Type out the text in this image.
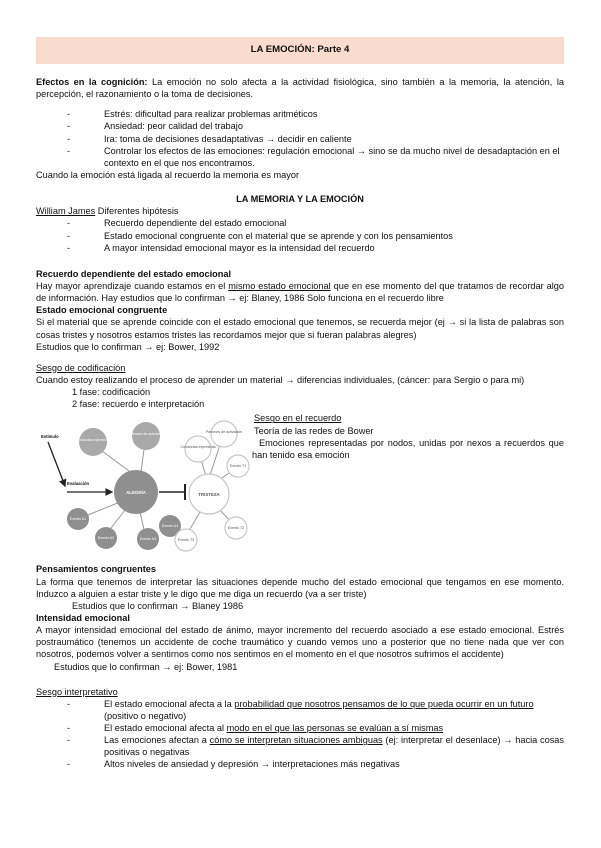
LA EMOCIÓN: Parte 4

Efectos en la cognición: La emoción no solo afecta a la actividad fisiológica, sino también a la memoria, la atención, la percepción, el razonamiento o la toma de decisiones.

- Estrés: dificultad para realizar problemas aritméticos
- Ansiedad: peor calidad del trabajo
- Ira: toma de decisiones desadaptativas → decidir en caliente
- Controlar los efectos de las emociones: regulación emocional → sino se da mucho nivel de desadaptación en el contexto en el que nos encontramos.

Cuando la emoción está ligada al recuerdo la memoria es mayor

LA MEMORIA Y LA EMOCIÓN

William James Diferentes hipótesis

- Recuerdo dependiente del estado emocional
- Estado emocional congruente con el material que se aprende y con los pensamientos
- A mayor intensidad emocional mayor es la intensidad del recuerdo

Recuerdo dependiente del estado emocional

Hay mayor aprendizaje cuando estamos en el mismo estado emocional que en ese momento del que tratamos de recordar algo de información. Hay estudios que lo confirman → ej: Blaney, 1986 Solo funciona en el recuerdo libre

Estado emocional congruente

Si el material que se aprende coincide con el estado emocional que tenemos, se recuerda mejor (ej → si la lista de palabras son cosas tristes y nosotros estamos tristes las recordamos mejor que si fueran palabras alegres)

Estudios que lo confirman → ej: Bower, 1992

Sesgo de codificación

Cuando estoy realizando el proceso de aprender un material → diferencias individuales, (cáncer: para Sergio o para mi)

1 fase: codificación

2 fase: recuerdo e interpretación

Estímulo
Evaluación
Conductas expresivas
Patrones de activación
ALEGRÍA
Evento A1
Evento A2	Evento A3
Evento A4
Conductas expresivas
Patrones de activación
TRISTEZA
Evento T1
Evento T2
Evento T3

Sesgo en el recuerdo

Teoría de las redes de Bower

Emociones representadas por nodos, unidas por nexos a recuerdos que han tenido esa emoción

Pensamientos congruentes

La forma que tenemos de interpretar las situaciones depende mucho del estado emocional que tengamos en ese momento. Induzco a alguien a estar triste y le digo que me diga un recuerdo (va a ser triste)

Estudios que lo confirman → Blaney 1986

Intensidad emocional

A mayor intensidad emocional del estado de ánimo, mayor incremento del recuerdo asociado a ese estado emocional. Estrés postraumático (tenemos un accidente de coche traumático y cuando vemos uno a posterior que no tiene nada que ver con nosotros, podemos volver a sentirnos como nos sentimos en el momento en el que nosotros sufrimos el accidente)

Estudios que lo confirman → ej: Bower, 1981

Sesgo interpretativo

- El estado emocional afecta a la probabilidad que nosotros pensamos de lo que pueda ocurrir en un futuro (positivo o negativo)
- El estado emocional afecta al modo en el que las personas se evalúan a sí mismas
- Las emociones afectan a cómo se interpretan situaciones ambiguas (ej: interpretar el desenlace) → hacia cosas positivas o negativas
- Altos niveles de ansiedad y depresión → interpretaciones más negativas
